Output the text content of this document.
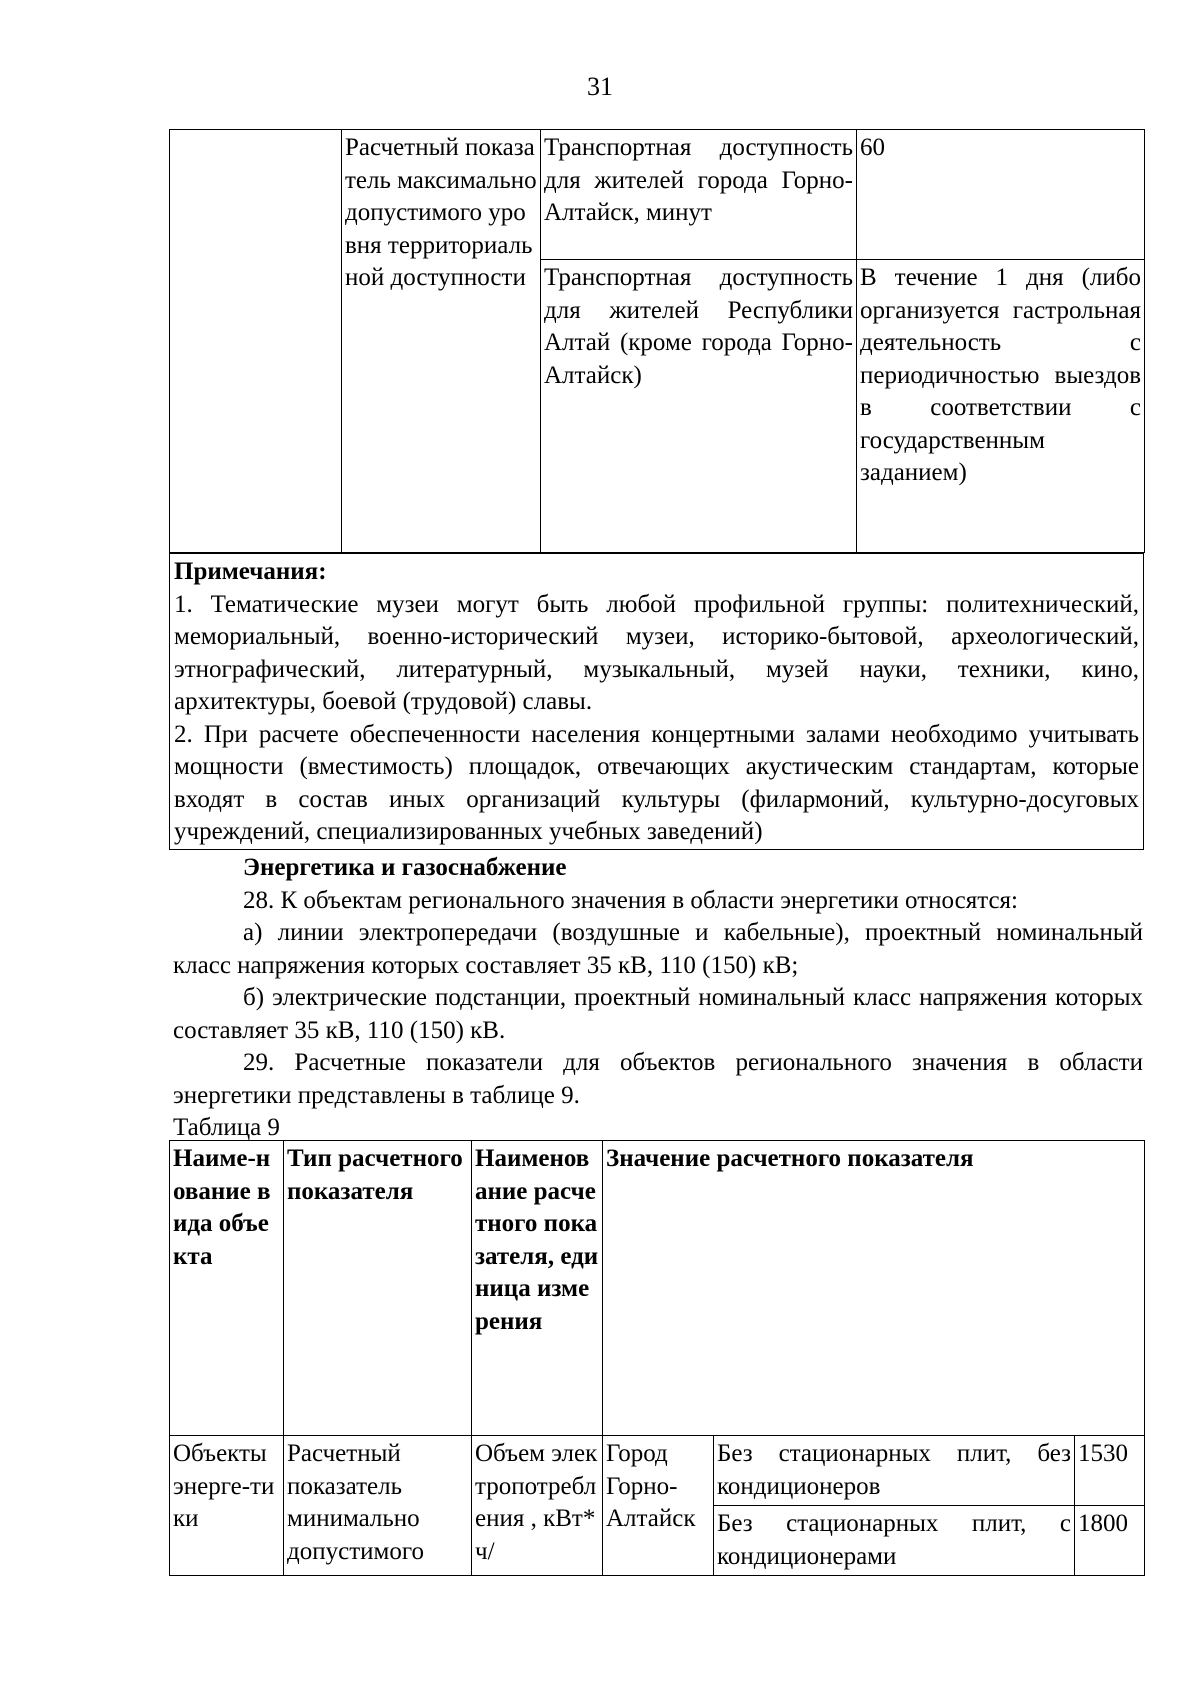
31
	Расчетный показатель максимально допустимого уровня территориальной доступности	Транспортная доступность для жителей города Горно-Алтайск, минут	60
		Транспортная доступность для жителей Республики Алтай (кроме города Горно-Алтайск)	В течение 1 дня (либо организуется гастрольная деятельность с периодичностью выездов в соответствии с государственным заданием)
Примечания:
1. Тематические музеи могут быть любой профильной группы: политехнический, мемориальный, военно-исторический музеи, историко-бытовой, археологический, этнографический, литературный, музыкальный, музей науки, техники, кино, архитектуры, боевой (трудовой) славы.
2. При расчете обеспеченности населения концертными залами необходимо учитывать мощности (вместимость) площадок, отвечающих акустическим стандартам, которые входят в состав иных организаций культуры (филармоний, культурно-досуговых учреждений, специализированных учебных заведений)

Энергетика и газоснабжение

28. К объектам регионального значения в области энергетики относятся:

а) линии электропередачи (воздушные и кабельные), проектный номинальный класс напряжения которых составляет 35 кВ, 110 (150) кВ;

б) электрические подстанции, проектный номинальный класс напряжения которых составляет 35 кВ, 110 (150) кВ.

29. Расчетные показатели для объектов регионального значения в области энергетики представлены в таблице 9.

Таблица 9

Наиме-нование вида объекта	Тип расчетного показателя	Наименование расчетного показателя, единица измерения	Значение расчетного показателя		
Объекты энерге-тики	Расчетный показатель минимально допустимого	Объем электропотребления , кВт*ч/	Город Горно-Алтайск	Без стационарных плит, без кондиционеров	1530
				Без стационарных плит, с кондиционерами	1800
